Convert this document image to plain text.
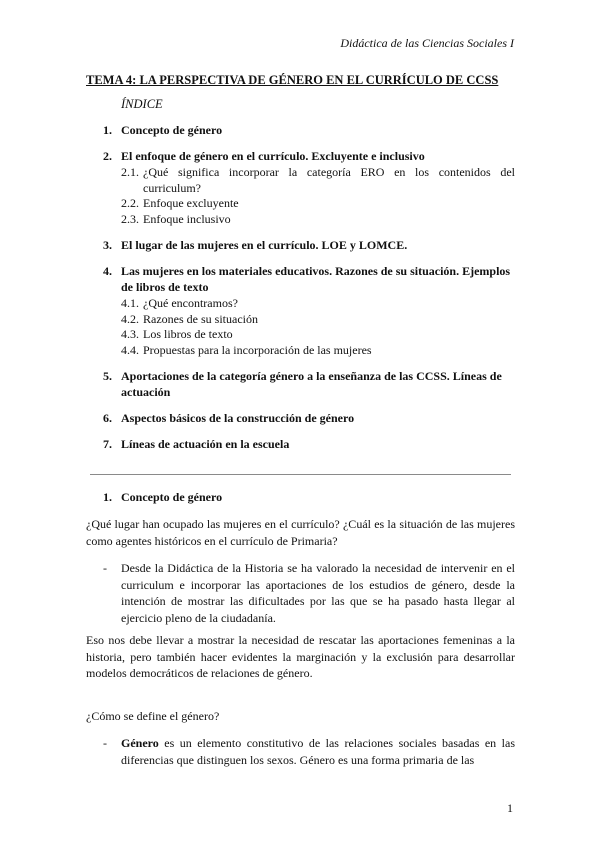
Didáctica de las Ciencias Sociales I
TEMA 4: LA PERSPECTIVA DE GÉNERO EN EL CURRÍCULO DE CCSS
ÍNDICE
1. Concepto de género
2. El enfoque de género en el currículo. Excluyente e inclusivo
2.1. ¿Qué significa incorporar la categoría ERO en los contenidos del curriculum?
2.2. Enfoque excluyente
2.3. Enfoque inclusivo
3. El lugar de las mujeres en el currículo. LOE y LOMCE.
4. Las mujeres en los materiales educativos. Razones de su situación. Ejemplos de libros de texto
4.1. ¿Qué encontramos?
4.2. Razones de su situación
4.3. Los libros de texto
4.4. Propuestas para la incorporación de las mujeres
5. Aportaciones de la categoría género a la enseñanza de las CCSS. Líneas de actuación
6. Aspectos básicos de la construcción de género
7. Líneas de actuación en la escuela
1. Concepto de género
¿Qué lugar han ocupado las mujeres en el currículo? ¿Cuál es la situación de las mujeres como agentes históricos en el currículo de Primaria?
-	Desde la Didáctica de la Historia se ha valorado la necesidad de intervenir en el curriculum e incorporar las aportaciones de los estudios de género, desde la intención de mostrar las dificultades por las que se ha pasado hasta llegar al ejercicio pleno de la ciudadanía.
Eso nos debe llevar a mostrar la necesidad de rescatar las aportaciones femeninas a la historia, pero también hacer evidentes la marginación y la exclusión para desarrollar modelos democráticos de relaciones de género.
¿Cómo se define el género?
-	Género es un elemento constitutivo de las relaciones sociales basadas en las diferencias que distinguen los sexos. Género es una forma primaria de las
1
